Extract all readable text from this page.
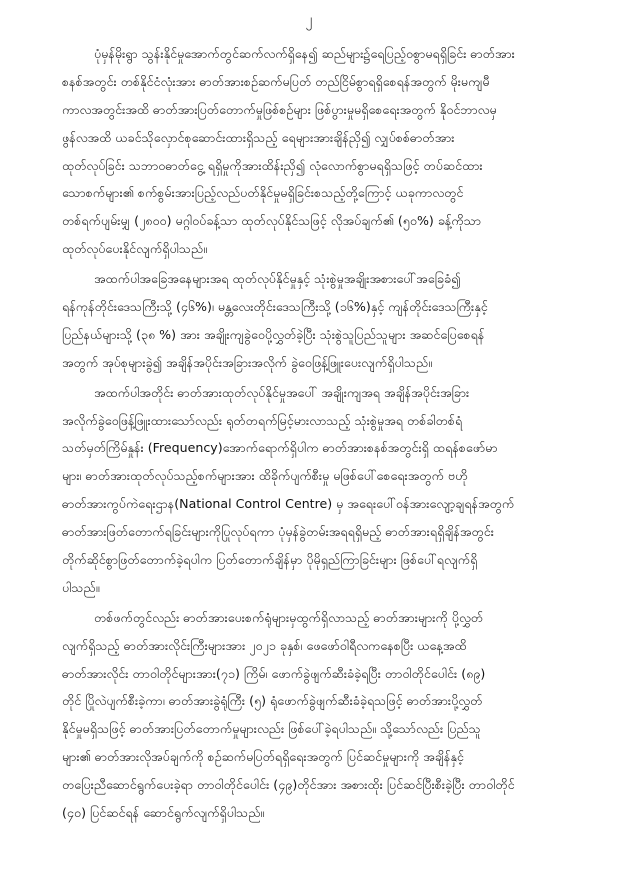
၂
ပုံမှန်မိုးရွာ သွန်းနိုင်မှုအောက်တွင်ဆက်လက်ရှိနေ၍ ဆည်များ၌ရေပြည့်ဝစွာမရရှိခြင်း ဓာတ်အား
စနစ်အတွင်း တစ်နိုင်ငံလုံးအား ဓာတ်အားစဉ်ဆက်မပြတ် တည်ငြိမ်စွာရရှိစေရန်အတွက် မိုးမကျမီ
ကာလအတွင်းအထိ ဓာတ်အားပြတ်တောက်မှုဖြစ်စဉ်များ ဖြစ်ပွားမှုမရှိစေရေးအတွက် နိုဝင်ဘာလမှ
ဖွန်လအထိ ယခင်သိုလှောင်စုဆောင်းထားရှိသည့် ရေများအားချိန်ညှိ၍ လျှပ်စစ်ဓာတ်အား
ထုတ်လုပ်ခြင်း သဘာဝဓာတ်ငွေ့ ရရှိမှုကိုအားထိန်းညှိ၍ လုံလောက်စွာမရရှိသဖြင့် တပ်ဆင်ထား
သောစက်များ၏ စက်စွမ်းအားပြည့်လည်ပတ်နိုင်မှုမရှိခြင်းစသည့်တို့ကြောင့် ယခုကာလတွင်
တစ်ရက်ပျမ်းမျှ (၂၈၀၀) မဂ္ဂါဝပ်ခန့်သာ ထုတ်လုပ်နိုင်သဖြင့် လိုအပ်ချက်၏ (၅၀%) ခန့်ကိုသာ
ထုတ်လုပ်ပေးနိုင်လျက်ရှိပါသည်။
အထက်ပါအခြေအနေများအရ ထုတ်လုပ်နိုင်မှုနှင့် သုံးစွဲမှုအချိုးအစားပေါ်အခြေခံ၍
ရန်ကုန်တိုင်းဒေသကြီးသို့ (၄၆%)၊ မန္တလေးတိုင်းဒေသကြီးသို့ (၁၆%)နှင့် ကျန်တိုင်းဒေသကြီးနှင့်
ပြည်နယ်များသို့ (၃၈ %) အား အချိုးကျခွဲဝေပို့လွှတ်ခဲ့ပြီး သုံးစွဲသူပြည်သူများ အဆင်ပြေစေရန်
အတွက် အုပ်စုများခွဲ၍ အချိန်အပိုင်းအခြားအလိုက် ခွဲဝေဖြန့်ဖြူးပေးလျက်ရှိပါသည်။
အထက်ပါအတိုင်း ဓာတ်အားထုတ်လုပ်နိုင်မှုအပေါ် အချိုးကျအရ အချိန်အပိုင်းအခြား
အလိုက်ခွဲဝေဖြန့်ဖြူးထားသော်လည်း ရုတ်တရက်မြင့်မားလာသည့် သုံးစွဲမှုအရ တစ်ခါတစ်ရံ
သတ်မှတ်ကြိမ်နှုန်း (Frequency)အောက်ရောက်ရှိပါက ဓာတ်အားစနစ်အတွင်းရှိ ထရန်စဖော်မာ
များ၊ ဓာတ်အားထုတ်လုပ်သည့်စက်များအား ထိခိုက်ပျက်စီးမှု မဖြစ်ပေါ်စေရေးအတွက် ဗဟို
ဓာတ်အားကွပ်ကဲရေးဌာန(National Control Centre) မှ အရေးပေါ်ဝန်အားလျော့ချရန်အတွက်
ဓာတ်အားဖြတ်တောက်ရခြင်းများကိုပြုလုပ်ရကာ ပုံမှန်ခွဲတမ်းအရရရှိမည့် ဓာတ်အားရရှိချိန်အတွင်း
တိုက်ဆိုင်စွာဖြတ်တောက်ခဲ့ရပါက ပြတ်တောက်ချိန်မှာ ပိုမိုရှည်ကြာခြင်းများ ဖြစ်ပေါ်ရလျက်ရှိ
ပါသည်။
တစ်ဖက်တွင်လည်း ဓာတ်အားပေးစက်ရုံများမှထွက်ရှိလာသည့် ဓာတ်အားများကို ပို့လွှတ်
လျက်ရှိသည့် ဓာတ်အားလိုင်းကြီးများအား ၂၀၂၁ ခုနှစ်၊ ဖေဖော်ဝါရီလကနေစပြီး ယနေ့အထိ
ဓာတ်အားလိုင်း တာဝါတိုင်များအား(၇၁) ကြိမ်၊ ဖောက်ခွဲဖျက်ဆီးခံခဲ့ရပြီး တာဝါတိုင်ပေါင်း (၈၉)
တိုင် ပြိုလဲပျက်စီးခဲ့ကာ၊ ဓာတ်အားခွဲရုံကြီး (၅) ရုံဖောက်ခွဲဖျက်ဆီးခံခဲ့ရသဖြင့် ဓာတ်အားပို့လွှတ်
နိုင်မှုမရှိသဖြင့် ဓာတ်အားပြတ်တောက်မှုများလည်း ဖြစ်ပေါ်ခဲ့ရပါသည်။ သို့သော်လည်း ပြည်သူ
များ၏ ဓာတ်အားလိုအပ်ချက်ကို စဉ်ဆက်မပြတ်ရရှိရေးအတွက် ပြင်ဆင်မှုများကို အချိန်နှင့်
တပြေးညီဆောင်ရွက်ပေးခဲ့ရာ တာဝါတိုင်ပေါင်း (၄၉)တိုင်အား အစားထိုး ပြင်ဆင်ပြီးစီးခဲ့ပြီး တာဝါတိုင်
(၄၀) ပြင်ဆင်ရန် ဆောင်ရွက်လျက်ရှိပါသည်။
